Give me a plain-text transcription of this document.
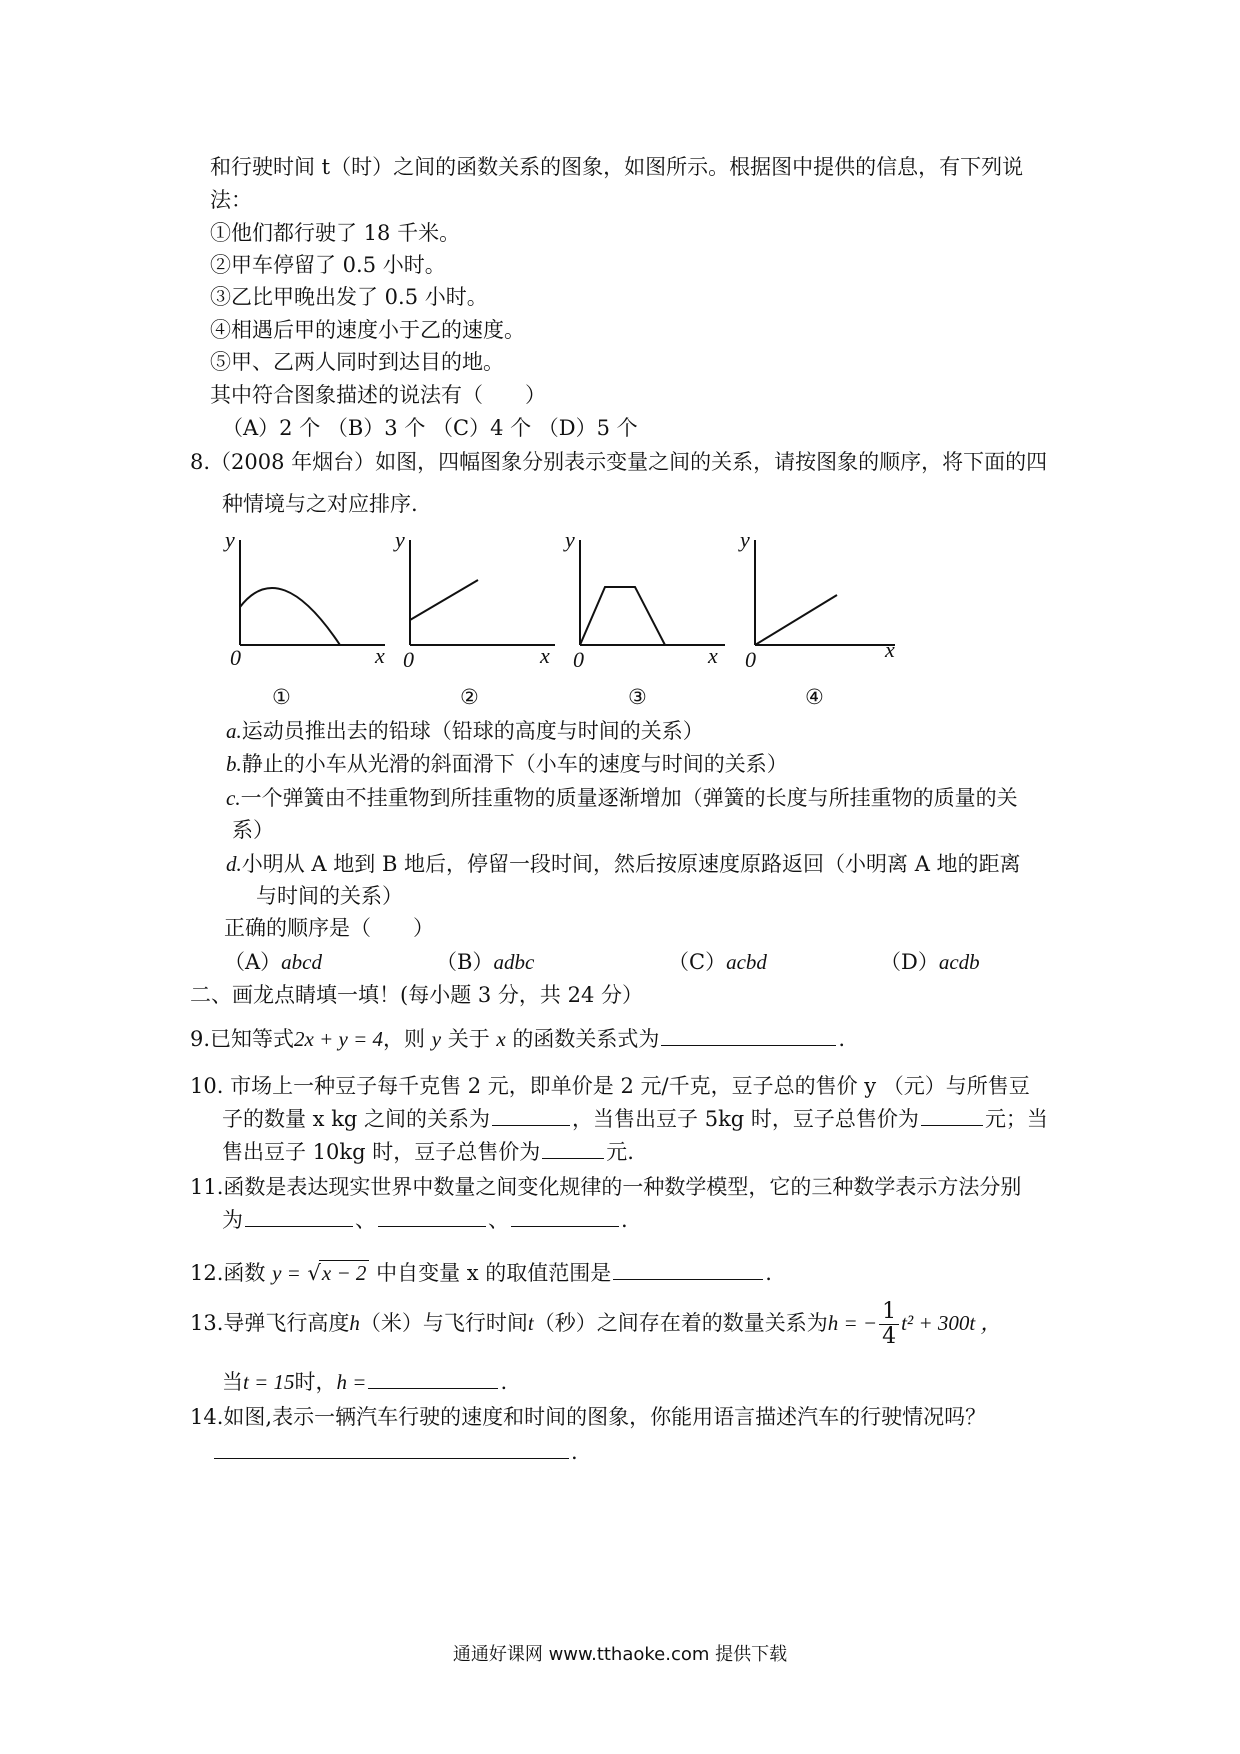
和行驶时间 t（时）之间的函数关系的图象，如图所示。根据图中提供的信息，有下列说
法：
①他们都行驶了 18 千米。
②甲车停留了 0.5 小时。
③乙比甲晚出发了 0.5 小时。
④相遇后甲的速度小于乙的速度。
⑤甲、乙两人同时到达目的地。
其中符合图象描述的说法有（　　）
（A）2 个 （B）3 个 （C）4 个 （D）5 个
8.（2008 年烟台）如图，四幅图象分别表示变量之间的关系，请按图象的顺序，将下面的四
种情境与之对应排序.
y
x
0
y
x
0
y
x
0
y
x
0
①	②	③	④
a.运动员推出去的铅球（铅球的高度与时间的关系）
b.静止的小车从光滑的斜面滑下（小车的速度与时间的关系）
c.一个弹簧由不挂重物到所挂重物的质量逐渐增加（弹簧的长度与所挂重物的质量的关
系）
d.小明从 A 地到 B 地后，停留一段时间，然后按原速度原路返回（小明离 A 地的距离
与时间的关系）
正确的顺序是（　　）
（A）abcd	（B）adbc	（C）acbd	（D）acdb
二、画龙点睛填一填！(每小题 3 分，共 24 分）
9.已知等式2x + y = 4，则 y 关于 x 的函数关系式为	.
10. 市场上一种豆子每千克售 2 元，即单价是 2 元/千克，豆子总的售价 y （元）与所售豆
子的数量 x kg 之间的关系为	，当售出豆子 5kg 时，豆子总售价为	元；当
售出豆子 10kg 时，豆子总售价为	元.
11.函数是表达现实世界中数量之间变化规律的一种数学模型，它的三种数学表示方法分别
为	、	、	.
12.函数 y = √x − 2 中自变量 x 的取值范围是	.
13.导弹飞行高度h（米）与飞行时间t（秒）之间存在着的数量关系为h = − $\frac{1}{4} t^2 + 300t$ ，
当t = 15时，h =	.
14.如图,表示一辆汽车行驶的速度和时间的图象，你能用语言描述汽车的行驶情况吗？
.
通通好课网 www.tthaoke.com 提供下载
